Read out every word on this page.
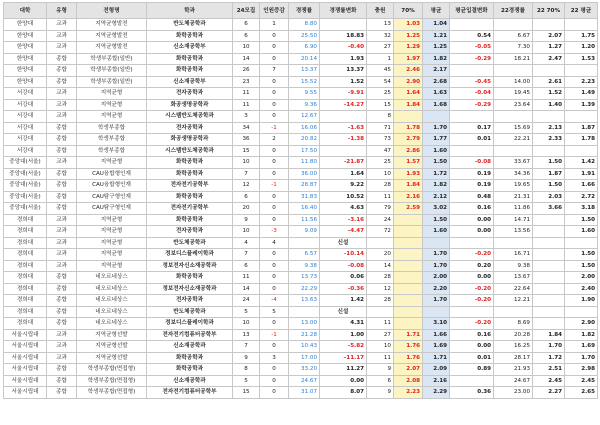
대학	유형	전형명	학과	24모집	인원증감	경쟁률	경쟁률변화	충원	70%	평균	평균입결변화	22경쟁률	22 70%	22 평균
한양대	교과	지역균형발전	반도체공학과	6	1	8.80		13	1.03	1.04				
한양대	교과	지역균형발전	화학공학과	6	0	25.50	18.83	32	1.25	1.21	0.54	6.67	2.07	1.75
한양대	교과	지역균형발전	신소재공학부	10	0	6.90	-0.40	27	1.29	1.25	-0.05	7.30	1.27	1.20
한양대	종합	학생부종합(일반)	화학공학과	14	0	20.14	1.93	1	1.97	1.82	-0.29	18.21	2.47	1.53
한양대	종합	학생부종합(일반)	화학공학과	26	7	13.37	13.37	45	2.46	2.17				
한양대	종합	학생부종합(일반)	신소재공학부	23	0	15.52	1.52	54	2.90	2.68	-0.45	14.00	2.61	2.23
서강대	교과	지역균형	전자공학과	11	0	9.55	-9.91	25	1.64	1.63	-0.04	19.45	1.52	1.49
서강대	교과	지역균형	화공생명공학과	11	0	9.36	-14.27	15	1.84	1.68	-0.29	23.64	1.40	1.39
서강대	교과	지역균형	시스템반도체공학과	3	0	12.67		8						
서강대	종합	학생부종합	전자공학과	34	-1	16.06	-1.63	71	1.78	1.70	0.17	15.69	2.13	1.87
서강대	종합	학생부종합	화공생명공학과	36	2	20.82	-1.38	73	2.79	1.77	0.01	22.21	2.33	1.78
서강대	종합	학생부종합	시스템반도체공학과	15	0	17.50		47	2.86	1.60				
중앙대(서울)	교과	지역균형	화학공학과	10	0	11.80	-21.87	25	1.57	1.50	-0.08	33.67	1.50	1.42
중앙대(서울)	종합	CAU융합형인재	화학공학과	7	0	36.00	1.64	10	1.93	1.72	0.19	34.36	1.87	1.91
중앙대(서울)	종합	CAU융합형인재	전자전기공학부	12	-1	28.87	9.22	28	1.84	1.82	0.19	19.65	1.50	1.66
중앙대(서울)	종합	CAU탐구형인재	화학공학과	6	0	31.83	10.52	11	2.16	2.12	0.48	21.31	2.03	2.72
중앙대(서울)	종합	CAU탐구형인재	전자전기공학부	20	0	16.40	4.63	79	2.59	3.02	0.16	11.86	3.66	3.18
경희대	교과	지역균형	화학공학과	9	0	11.56	-3.16	24		1.50	0.00	14.71		1.50
경희대	교과	지역균형	전자공학과	10	-3	9.09	-4.47	72		1.60	0.00	13.56		1.60
경희대	교과	지역균형	반도체공학과	4	4		신설							
경희대	교과	지역균형	정보디스플레이학과	7	0	6.57	-10.14	20		1.70	-0.20	16.71		1.50
경희대	교과	지역균형	정보전자신소재공학과	6	0	9.38	-0.08	14		1.70	0.20	9.38		1.50
경희대	종합	네오르네상스	화학공학과	11	0	13.73	0.06	28		2.00	0.00	13.67		2.00
경희대	종합	네오르네상스	정보전자신소재공학과	14	0	22.29	-0.36	12		2.20	-0.20	22.64		2.40
경희대	종합	네오르네상스	전자공학과	24	-4	13.63	1.42	28		1.70	-0.20	12.21		1.90
경희대	종합	네오르네상스	반도체공학과	5	5		신설							
경희대	종합	네오르네상스	정보디스플레이학과	10	0	13.00	4.31	11		3.10	-0.20	8.69		2.90
서울시립대	교과	지역균형선발	전자전기컴퓨터공학부	13	-1	21.28	1.00	27	1.71	1.66	0.16	20.28	1.84	1.82
서울시립대	교과	지역균형선발	신소재공학과	7	0	10.43	-5.82	10	1.76	1.69	0.00	16.25	1.70	1.69
서울시립대	교과	지역균형선발	화학공학과	9	3	17.00	-11.17	11	1.76	1.71	0.01	28.17	1.72	1.70
서울시립대	종합	학생부종합(면접형)	화학공학과	8	0	33.20	11.27	9	2.07	2.09	0.89	21.93	2.51	2.98
서울시립대	종합	학생부종합(면접형)	신소재공학과	5	0	24.67	0.00	6	2.08	2.16		24.67	2.45	2.45
서울시립대	종합	학생부종합(면접형)	전자전기컴퓨터공학부	15	0	31.07	8.07	9	2.23	2.29	0.36	23.00	2.27	2.65
